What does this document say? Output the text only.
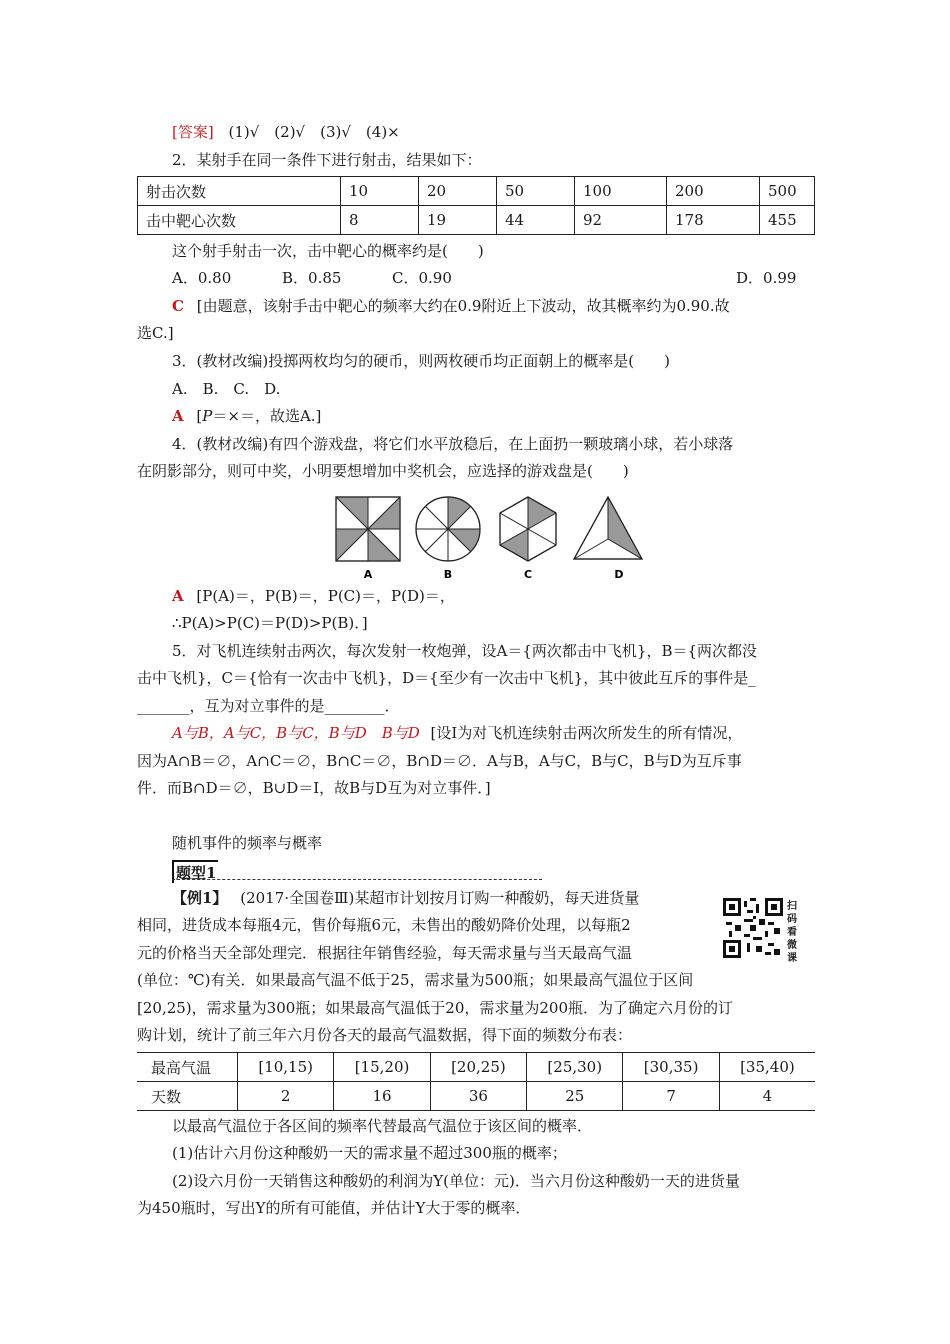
[答案] (1)√　(2)√　(3)√　(4)×
2．某射手在同一条件下进行射击，结果如下：
射击次数	10	20	50	100	200	500
击中靶心次数	8	19	44	92	178	455
这个射手射击一次，击中靶心的概率约是(　　)
A．0.80	B．0.85	C．0.90	D．0.99
C [由题意，该射手击中靶心的频率大约在0.9附近上下波动，故其概率约为0.90.故
选C.]
3．(教材改编)投掷两枚均匀的硬币，则两枚硬币均正面朝上的概率是(　　)
A.　B.　C.　D.
A [P＝×＝，故选A.]
4．(教材改编)有四个游戏盘，将它们水平放稳后，在上面扔一颗玻璃小球，若小球落
在阴影部分，则可中奖，小明要想增加中奖机会，应选择的游戏盘是(　　)
A	B	C	D
A [P(A)＝，P(B)＝，P(C)＝，P(D)＝，
∴P(A)>P(C)＝P(D)>P(B)．]
5．对飞机连续射击两次，每次发射一枚炮弹，设A＝{两次都击中飞机}，B＝{两次都没
击中飞机}，C＝{恰有一次击中飞机}，D＝{至少有一次击中飞机}，其中彼此互斥的事件是_
_______，互为对立事件的是________．
A与B，A与C，B与C，B与D　B与D [设I为对飞机连续射击两次所发生的所有情况，
因为A∩B＝∅，A∩C＝∅，B∩C＝∅，B∩D＝∅．A与B，A与C，B与C，B与D为互斥事
件．而B∩D＝∅，B∪D＝I，故B与D互为对立事件．]
随机事件的频率与概率
题型1
【例1】 (2017·全国卷Ⅲ)某超市计划按月订购一种酸奶，每天进货量
相同，进货成本每瓶4元，售价每瓶6元，未售出的酸奶降价处理，以每瓶2
元的价格当天全部处理完．根据往年销售经验，每天需求量与当天最高气温
(单位：℃)有关．如果最高气温不低于25，需求量为500瓶；如果最高气温位于区间
[20,25)，需求量为300瓶；如果最高气温低于20，需求量为200瓶．为了确定六月份的订
购计划，统计了前三年六月份各天的最高气温数据，得下面的频数分布表：
扫码看微课
最高气温	[10,15)	[15,20)	[20,25)	[25,30)	[30,35)	[35,40)
天数	2	16	36	25	7	4
以最高气温位于各区间的频率代替最高气温位于该区间的概率．
(1)估计六月份这种酸奶一天的需求量不超过300瓶的概率；
(2)设六月份一天销售这种酸奶的利润为Y(单位：元)．当六月份这种酸奶一天的进货量
为450瓶时，写出Y的所有可能值，并估计Y大于零的概率．
